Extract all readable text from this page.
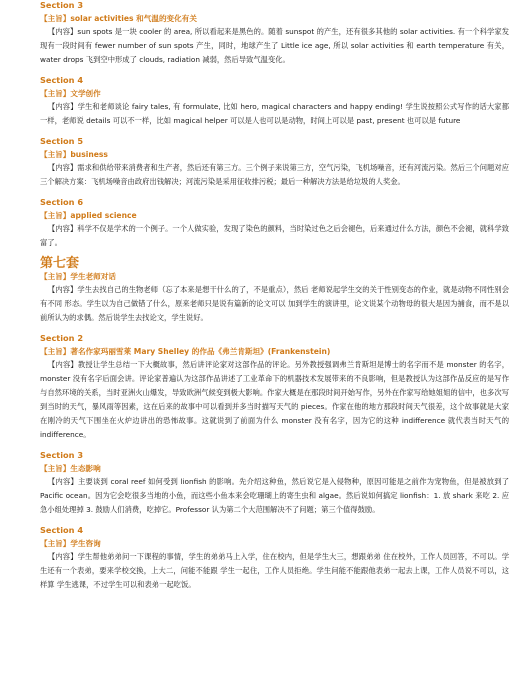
Section 3
【主旨】solar activities 和气温的变化有关
【内容】sun spots 是一块 cooler 的 area, 所以看起来是黑色的。随着 sunspot 的产生，还有很多其他的 solar activities. 有一个科学家发现有一段时间有 fewer number of sun spots 产生，同时，地球产生了 Little ice age, 所以 solar activities 和 earth temperature 有关，water drops 飞到空中形成了 clouds, radiation 减弱，然后导致气温变化。
Section 4
【主旨】文学创作
【内容】学生和老师谈论 fairy tales, 有 formulate, 比如 hero, magical characters and happy ending! 学生说按照公式写作的话大家都一样，老师说 details 可以不一样，比如 magical helper 可以是人也可以是动物，时间上可以是 past, present 也可以是 future
Section 5
【主旨】business
【内容】需求和供给带来消费者和生产者，然后还有第三方。三个例子来说第三方，空气污染，飞机场噪音，还有河流污染。然后三个问题对应三个解决方案：飞机场噪音由政府出钱解决；河流污染是采用征收排污税；最后一种解决方法是给垃圾的人奖金。
Section 6
【主旨】applied science
【内容】科学不仅是学术的一个例子。一个人做实验，发现了染色的颜料，当时染过色之后会褪色，后来通过什么方法，颜色不会褪，就科学致富了。
第七套
【主旨】学生老师对话
【内容】学生去找自己的生物老师（忘了本来是想干什么的了，不是重点），然后 老师说起学生交的关于性别变态的作业，就是动物不同性别会有不同 形态。学生以为自己做错了什么，原来老师只是说有篇新的论文可以 加到学生的演讲里，论文说某个动物母的很大是因为捕食，而不是以 前所认为的求偶。然后说学生去找论文，学生说好。
Section 2
【主旨】著名作家玛丽雪莱 Mary Shelley 的作品《弗兰肯斯坦》(Frankenstein)
【内容】教授让学生总结一下大概故事，然后讲评论家对这部作品的评论。另外教授强调弗兰肯斯坦是博士的名字而不是 monster 的名字，monster 没有名字后面会讲。评论家普遍认为这部作品讲述了工业革命下的机器技术发展带来的不良影响，但是教授认为这部作品反应的是写作与自然环境的关系，当时亚洲火山爆发，导致欧洲气候变到极大影响。作家大概是在那段时间开始写作，另外在作家写给她姐姐的信中，也多次写到当时的天气，暴风雨等因素，这在后来的故事中可以看到并多当时描写天气的 pieces。作家在他的地方那段时间天气很差，这个故事就是大家在刚冷的天气下围坐在火炉边讲出的恐怖故事。这就说到了前面为什么 monster 没有名字，因为它的这种 indifference 就代表当时天气的 indifference。
Section 3
【主旨】生态影响
【内容】主要谈到 coral reef 如何受到 lionfish 的影响。先介绍这种鱼，然后说它是入侵物种，原因可能是之前作为宠物鱼，但是被放到了 Pacific ocean。因为它会吃很多当地的小鱼，而这些小鱼本来会吃珊瑚上的寄生虫和 algae。然后说如何搞定 lionfish：1. 放 shark 来吃 2. 应急小组处理掉 3. 鼓励人们消费，吃掉它。Professor 认为第二个大范围解决不了问题；第三个值得鼓励。
Section 4
【主旨】学生咨询
【内容】学生帮他弟弟问一下课程的事情，学生的弟弟马上入学，住在校内，但是学生大三，想跟弟弟 住在校外，工作人员回答，不可以。学生还有一个表弟，要来学校交换，上大二，问能不能跟 学生一起住，工作人员拒绝。学生问能不能跟他表弟一起去上课，工作人员说不可以，这样算 学生逃课，不过学生可以和表弟一起吃饭。
